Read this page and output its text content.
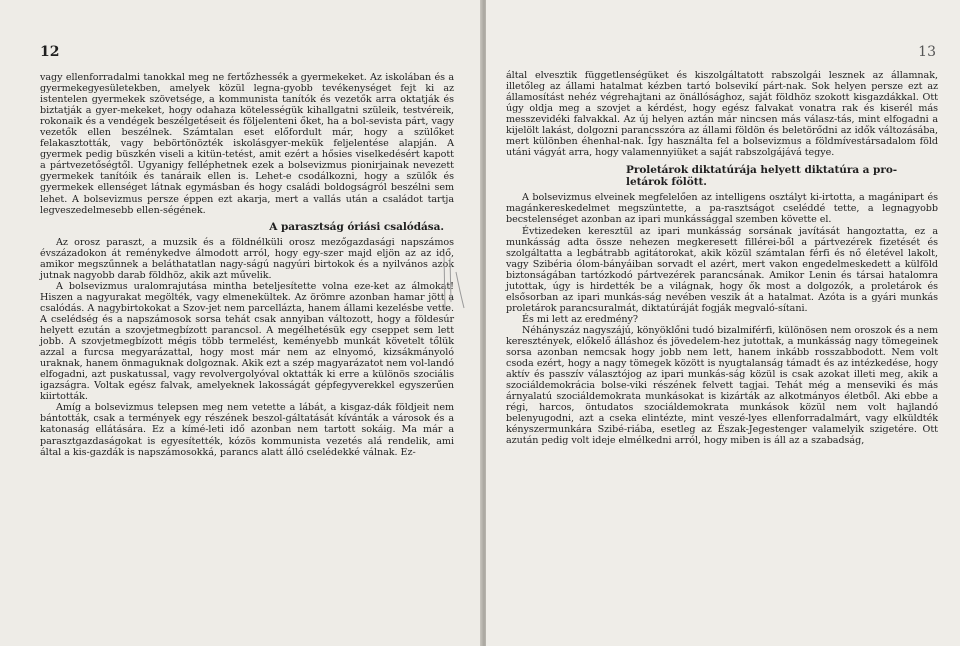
12

vagy ellenforradalmi tanokkal meg ne fertőzhessék a gyermekeket. Az iskolában és a gyermekegyesületekben, amelyek közül legna-gyobb tevékenységet fejt ki az istentelen gyermekek szövetsége, a kommunista tanítók és vezetők arra oktatják és biztatják a gyer-mekeket, hogy odahaza kötelességük kihallgatni szüleik, testvéreik, rokonaik és a vendégek beszélgetéseit és följelenteni őket, ha a bol-sevista párt, vagy vezetők ellen beszélnek. Számtalan eset előfordult már, hogy a szülőket felakasztották, vagy bebörtönözték iskolásgyer-mekük feljelentése alapján. A gyermek pedig büszkén viseli a kitün-tetést, amit ezért a hősies viselkedésért kapott a pártvezetőségtől. Ugyanigy felléphetnek ezek a bolsevizmus pionirjainak nevezett gyermekek tanítóik és tanáraik ellen is. Lehet-e csodálkozni, hogy a szülők és gyermekek ellenséget látnak egymásban és hogy családi boldogságról beszélni sem lehet. A bolsevizmus persze éppen ezt akarja, mert a vallás után a családot tartja legveszedelmesebb ellen-ségének.

A parasztság óriási csalódása.

Az orosz paraszt, a muzsik és a földnélküli orosz mezőgazdasági napszámos évszázadokon át reménykedve álmodott arról, hogy egy-szer majd eljön az az idő, amikor megszűnnek a beláthatatlan nagy-ságú nagyúri birtokok és a nyilvános azok jutnak nagyobb darab földhöz, akik azt művelik.

A bolsevizmus uralomrajutása mintha beteljesítette volna eze-ket az álmokat! Hiszen a nagyurakat megölték, vagy elmenekültek. Az örömre azonban hamar jött a csalódás. A nagybirtokokat a Szov-jet nem parcellázta, hanem állami kezelésbe vette. A cselédség és a napszámosok sorsa tehát csak annyiban változott, hogy a földesúr helyett ezután a szovjetmegbízott parancsol. A megélhetésük egy cseppet sem lett jobb. A szovjetmegbízott mégis több termelést, keményebb munkát követelt tőlük azzal a furcsa megyarázattal, hogy most már nem az elnyomó, kizsákmányoló uraknak, hanem önmaguknak dolgoznak. Akik ezt a szép magyarázatot nem vol-landó elfogadni, azt puskatussal, vagy revolvergolyóval oktatták ki erre a különös szociális igazságra. Voltak egész falvak, amelyeknek lakosságát gépfegyverekkel egyszerűen kiirtották.

Amíg a bolsevizmus telepsen meg nem vetette a lábát, a kisgaz-dák földjeit nem bántották, csak a termények egy részének beszol-gáltatását kívánták a városok és a katonaság ellátására. Ez a kímé-leti idő azonban nem tartott sokáig. Ma már a parasztgazdaságokat is egyesítették, kózös kommunista vezetés alá rendelik, ami által a kis-gazdák is napszámosokká, parancs alatt álló cselédekké válnak. Ez-

13

által elvesztik függetlenségüket és kiszolgáltatott rabszolgái lesznek az államnak, illetőleg az állami hatalmat kézben tartó bolsevikí párt-nak. Sok helyen persze ezt az államosítást nehéz végrehajtani az önállósághoz, saját földhöz szokott kisgazdákkal. Ott úgy oldja meg a szovjet a kérdést, hogy egész falvakat vonatra rak és kiserél más messzevidéki falvakkal. Az új helyen aztán már nincsen más válasz-tás, mint elfogadni a kijelölt lakást, dolgozni parancsszóra az állami földön és beletörődni az idők változásába, mert különben éhenhal-nak. Így használta fel a bolsevizmus a földmívestársadalom föld utáni vágyát arra, hogy valamennyiüket a saját rabszolgájává tegye.

Proletárok diktatúrája helyett diktatúra a pro-letárok fölött.

A bolsevizmus elveinek megfelelően az intelligens osztályt ki-irtotta, a magánipart és magánkereskedelmet megszüntette, a pa-rasztságot cseléddé tette, a legnagyobb becstelenséget azonban az ipari munkássággal szemben követte el.

Évtizedeken keresztül az ipari munkásság sorsának javítását hangoztatta, ez a munkásság adta össze nehezen megkeresett fillérei-ből a pártvezérek fizetését és szolgáltatta a legbátrabb agitátorokat, akik közül számtalan férfi és nő életével lakolt, vagy Szibéria ólom-bányáiban sorvadt el azért, mert vakon engedelmeskedett a külföld biztonságában tartózkodó pártvezérek parancsának. Amikor Lenin és társai hatalomra jutottak, úgy is hirdették be a világnak, hogy ők most a dolgozók, a proletárok és elsősorban az ipari munkás-ság nevében veszik át a hatalmat. Azóta is a gyári munkás proletárok parancsuralmát, diktatúráját fogják megvaló-sítani.

És mi lett az eredmény?

Néhányszáz nagyszájú, könyöklőni tudó bizalmiférfi, különösen nem oroszok és a nem keresztények, előkelő álláshoz és jövedelem-hez jutottak, a munkásság nagy tömegeinek sorsa azonban nemcsak hogy jobb nem lett, hanem inkább rosszabbodott. Nem volt csoda ezért, hogy a nagy tömegek között is nyugtalanság támadt és az intézkedése, hogy aktív és passzív választójog az ipari munkás-ság közül is csak azokat illeti meg, akik a szociáldemokrácia bolse-viki részének felvett tagjai. Tehát még a menseviki és más árnyalatú szociáldemokrata munkásokat is kizárták az alkotmányos életből. Aki ebbe a régi, harcos, öntudatos szociáldemokrata munkások közül nem volt hajlandó belenyugodni, azt a cseka elintézte, mint veszé-lyes ellenforradalmárt, vagy elküldték kényszermunkára Szibé-riába, esetleg az Észak-Jegestenger valamelyik szigetére. Ott azután pedig volt ideje elmélkedni arról, hogy miben is áll az a szabadság,
